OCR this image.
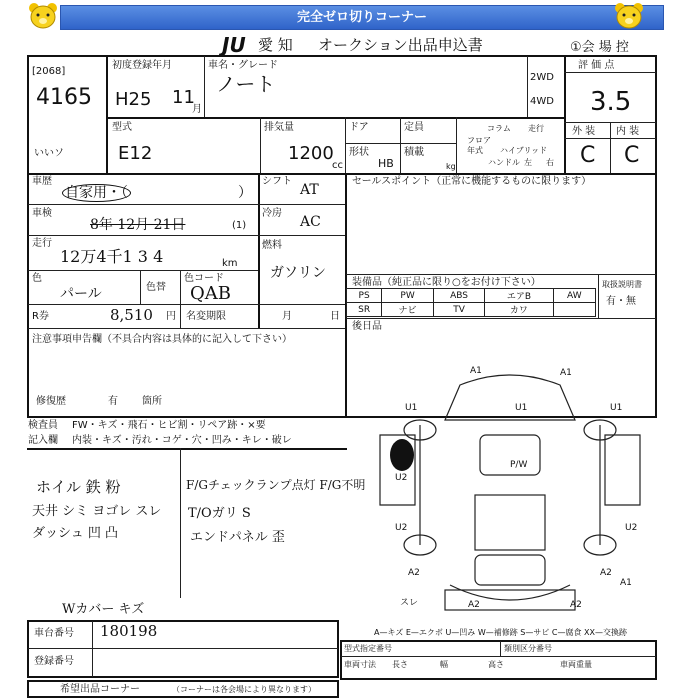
完全ゼロ切りコーナー
JU 愛 知 オークション出品申込書	①会 場 控
[2068]
4165
いいソ
初度登録年月
H25 11
月
車名・グレード
ノート	2WD
4WD
評 価 点
3.5
外 装 内 装
C C
型式
E12
排気量
1200
cc
ドア	定員
形状
HB
積載
kg
コラム 走行
フロア
年式 ハイブリッド
ハンドル 左 右
車歴
自家用・（	）
シフト
AT
車検
8年 12月 21日	(1)
冷房
AC
走行
12万4千1 3 4	km
燃料
ガソリン
色
パール	色替
色コード
QAB
R券	8,510 円 名変期限	月	日
注意事項申告欄（不具合内容は具体的に記入して下さい）
修復歴	有 箇所
セールスポイント（正常に機能するものに限ります）
装備品（純正品に限り○をお付け下さい）
PS	PW	ABS	エアB	AW
SR	ナビ	TV	カワ	
取扱説明書
有・無
後日品
検査員 FW・キズ・飛石・ヒビ割・リペア跡・×要
記入欄 内装・キズ・汚れ・コゲ・穴・凹み・キレ・破レ
ホイル 鉄 粉
天井 シミ ヨゴレ スレ
ダッシュ 凹 凸
F/Gチェックランプ点灯 F/G不明
T/Oガリ S
エンドパネル 歪
Wカバー キズ
A1
A1
U1	U1	U1
P/W
U2
U2	U2
A2
A2	A2
A2
A1
スレ
A—キズ E—エクボ U—凹み W—補修跡 S—サビ C—腐食 XX—交換跡
車台番号 180198
登録番号
型式指定番号	類別区分番号
車両寸法 長さ	幅	高さ	車両重量
希望出品コーナー	（コーナーは各会場により異なります）
